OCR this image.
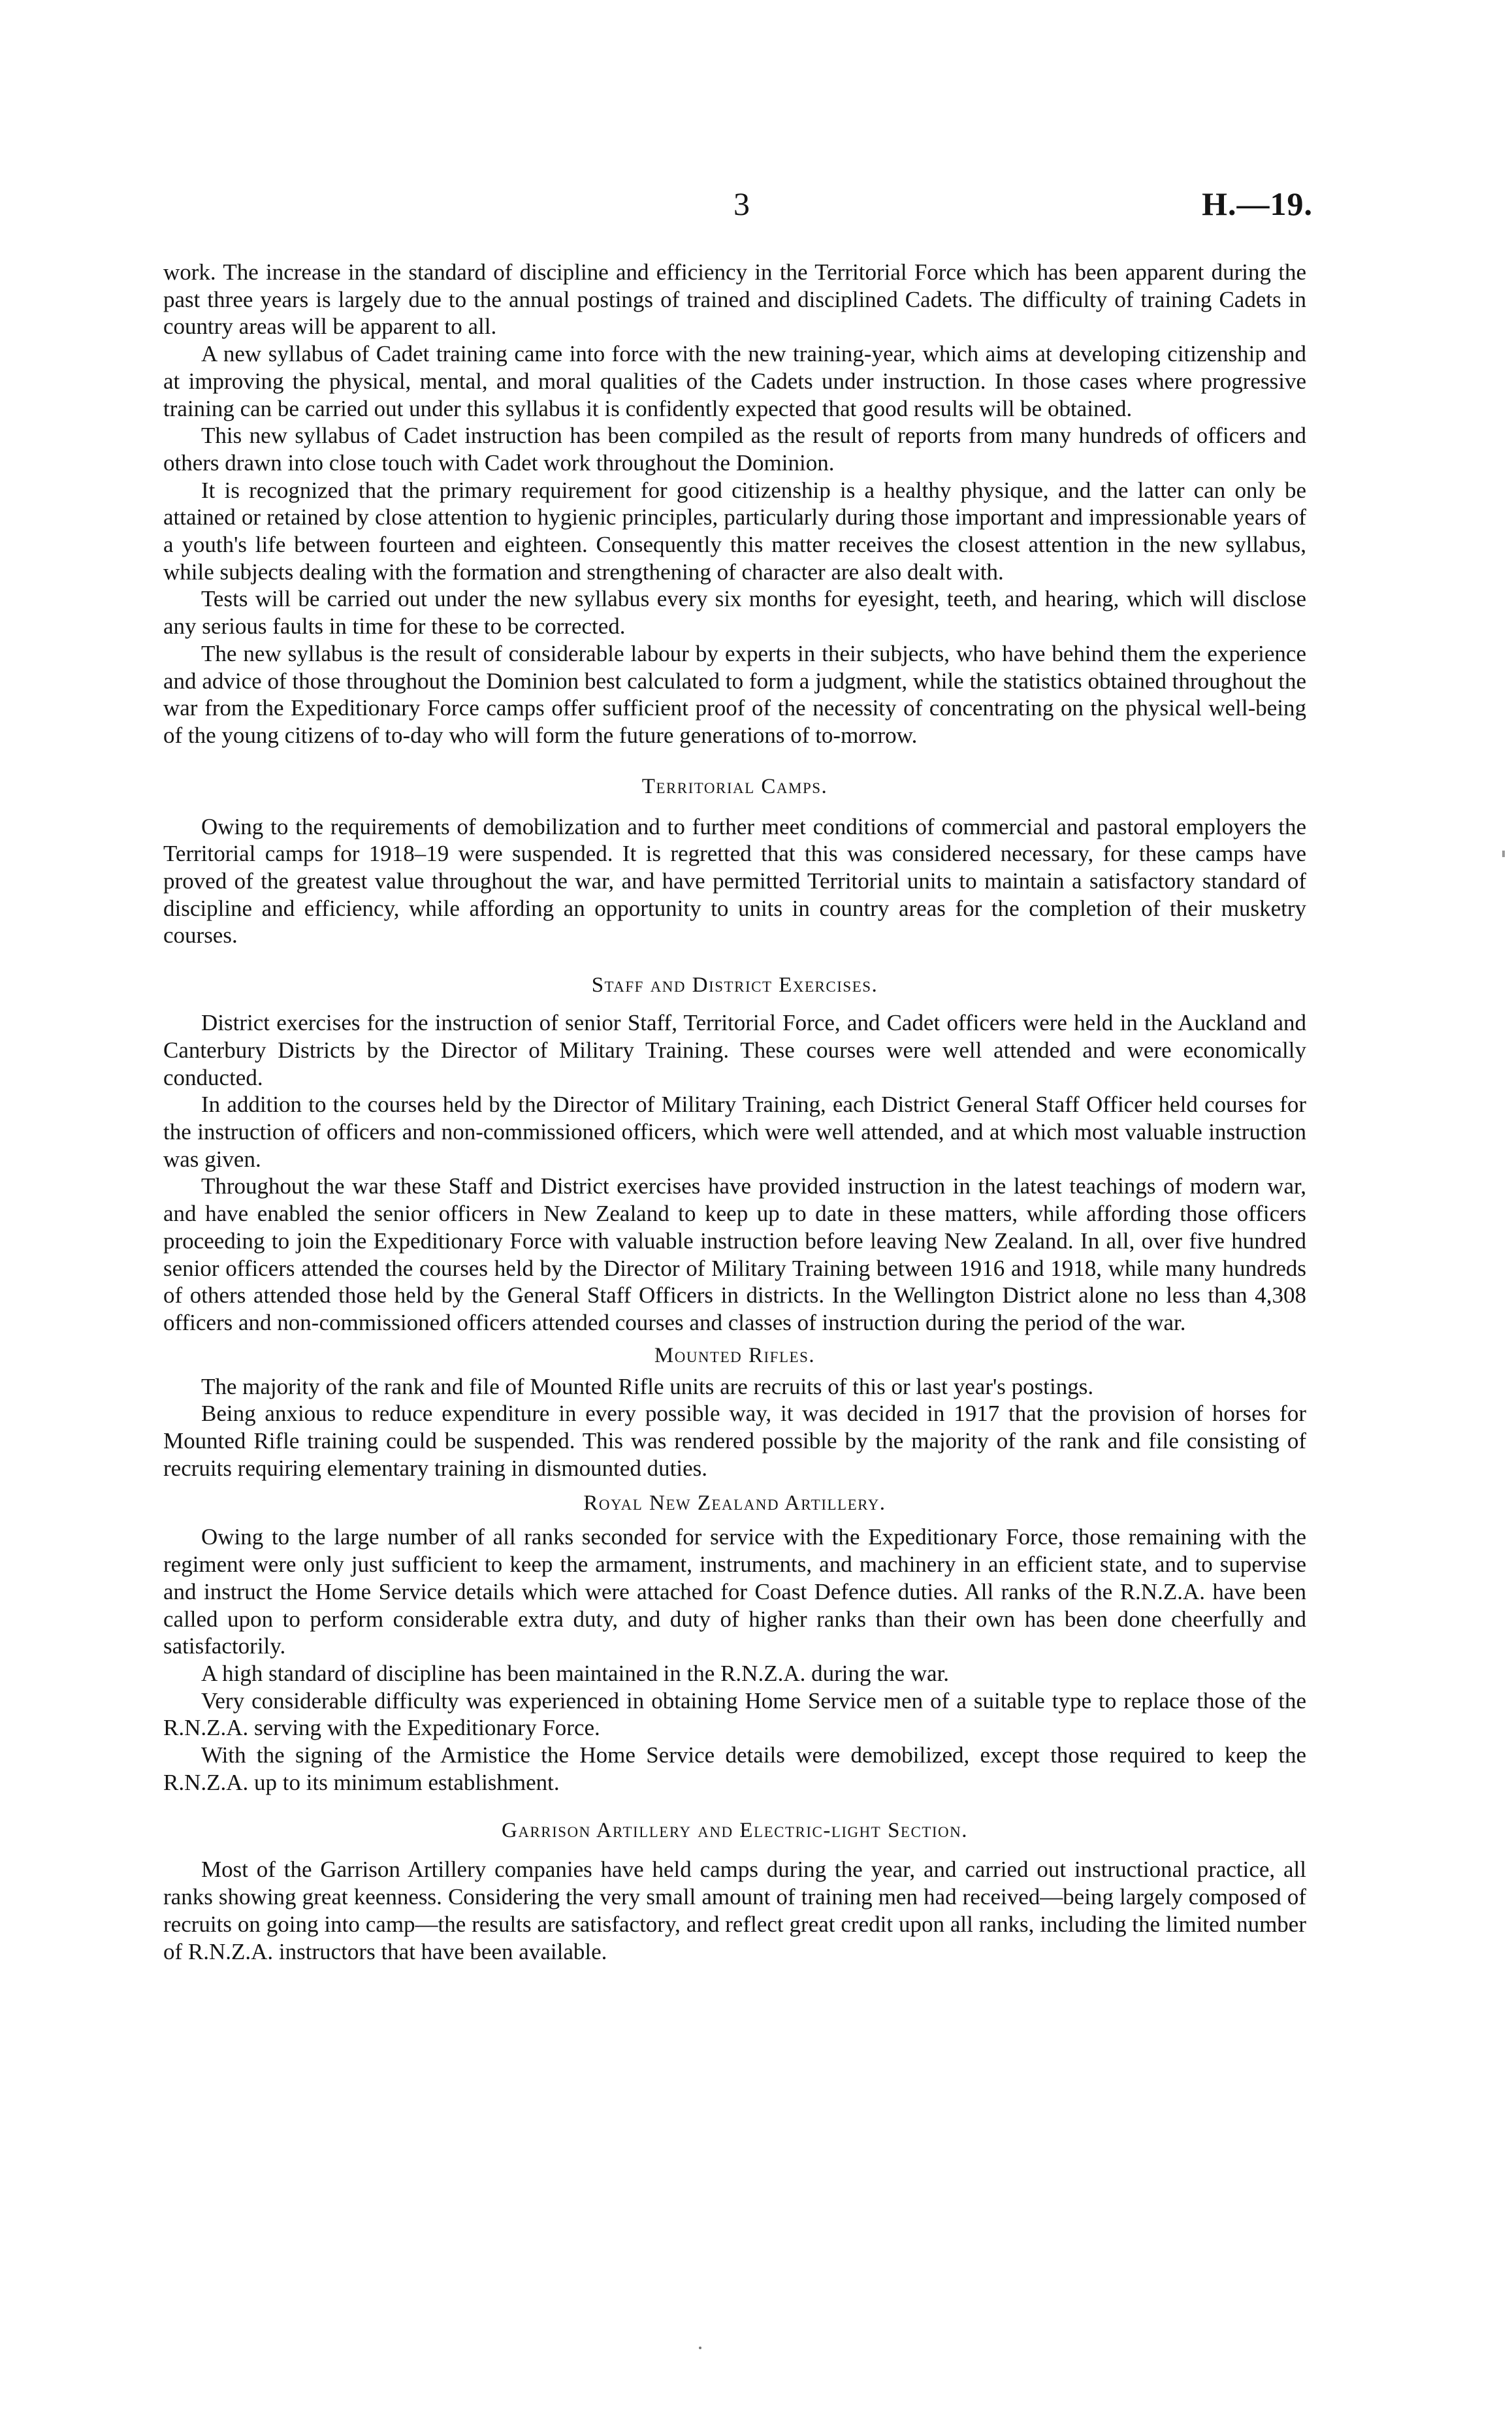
3	H.—19.

work. The increase in the standard of discipline and efficiency in the Territorial Force which has been apparent during the past three years is largely due to the annual postings of trained and disciplined Cadets. The difficulty of training Cadets in country areas will be apparent to all.

A new syllabus of Cadet training came into force with the new training-year, which aims at developing citizenship and at improving the physical, mental, and moral qualities of the Cadets under instruction. In those cases where progressive training can be carried out under this syllabus it is confidently expected that good results will be obtained.

This new syllabus of Cadet instruction has been compiled as the result of reports from many hundreds of officers and others drawn into close touch with Cadet work throughout the Dominion.

It is recognized that the primary requirement for good citizenship is a healthy physique, and the latter can only be attained or retained by close attention to hygienic principles, particularly during those important and impressionable years of a youth's life between fourteen and eighteen. Consequently this matter receives the closest attention in the new syllabus, while subjects dealing with the formation and strengthening of character are also dealt with.

Tests will be carried out under the new syllabus every six months for eyesight, teeth, and hearing, which will disclose any serious faults in time for these to be corrected.

The new syllabus is the result of considerable labour by experts in their subjects, who have behind them the experience and advice of those throughout the Dominion best calculated to form a judgment, while the statistics obtained throughout the war from the Expeditionary Force camps offer sufficient proof of the necessity of concentrating on the physical well-being of the young citizens of to-day who will form the future generations of to-morrow.

Territorial Camps.

Owing to the requirements of demobilization and to further meet conditions of commercial and pastoral employers the Territorial camps for 1918–19 were suspended. It is regretted that this was considered necessary, for these camps have proved of the greatest value throughout the war, and have permitted Territorial units to maintain a satisfactory standard of discipline and efficiency, while affording an opportunity to units in country areas for the completion of their musketry courses.

Staff and District Exercises.

District exercises for the instruction of senior Staff, Territorial Force, and Cadet officers were held in the Auckland and Canterbury Districts by the Director of Military Training. These courses were well attended and were economically conducted.

In addition to the courses held by the Director of Military Training, each District General Staff Officer held courses for the instruction of officers and non-commissioned officers, which were well attended, and at which most valuable instruction was given.

Throughout the war these Staff and District exercises have provided instruction in the latest teachings of modern war, and have enabled the senior officers in New Zealand to keep up to date in these matters, while affording those officers proceeding to join the Expeditionary Force with valuable instruction before leaving New Zealand. In all, over five hundred senior officers attended the courses held by the Director of Military Training between 1916 and 1918, while many hundreds of others attended those held by the General Staff Officers in districts. In the Wellington District alone no less than 4,308 officers and non-commissioned officers attended courses and classes of instruction during the period of the war.

Mounted Rifles.

The majority of the rank and file of Mounted Rifle units are recruits of this or last year's postings.

Being anxious to reduce expenditure in every possible way, it was decided in 1917 that the provision of horses for Mounted Rifle training could be suspended. This was rendered possible by the majority of the rank and file consisting of recruits requiring elementary training in dismounted duties.

Royal New Zealand Artillery.

Owing to the large number of all ranks seconded for service with the Expeditionary Force, those remaining with the regiment were only just sufficient to keep the armament, instruments, and machinery in an efficient state, and to supervise and instruct the Home Service details which were attached for Coast Defence duties. All ranks of the R.N.Z.A. have been called upon to perform considerable extra duty, and duty of higher ranks than their own has been done cheerfully and satisfactorily.

A high standard of discipline has been maintained in the R.N.Z.A. during the war.

Very considerable difficulty was experienced in obtaining Home Service men of a suitable type to replace those of the R.N.Z.A. serving with the Expeditionary Force.

With the signing of the Armistice the Home Service details were demobilized, except those required to keep the R.N.Z.A. up to its minimum establishment.

Garrison Artillery and Electric-light Section.

Most of the Garrison Artillery companies have held camps during the year, and carried out instructional practice, all ranks showing great keenness. Considering the very small amount of training men had received—being largely composed of recruits on going into camp—the results are satisfactory, and reflect great credit upon all ranks, including the limited number of R.N.Z.A. instructors that have been available.
